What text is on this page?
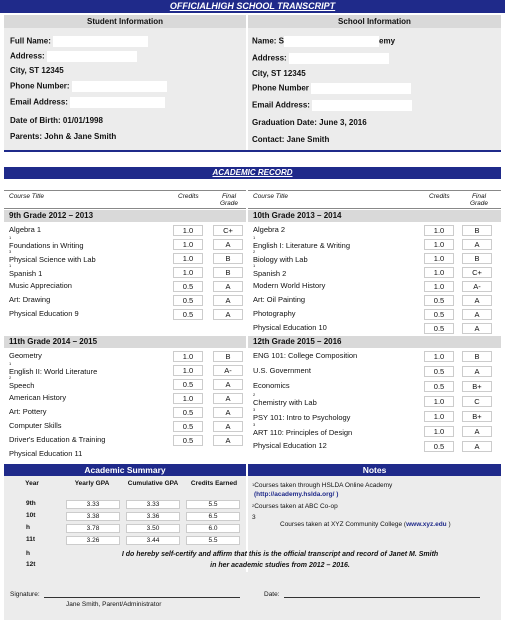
OFFICIALHIGH SCHOOL TRANSCRIPT
Student Information
Full Name:
Address:
City, ST 12345
Phone Number:
Email Address:
Date of Birth: 01/01/1998
Parents: John & Jane Smith
School Information
Name: S	emy
Address:
City, ST 12345
Phone Number
Email Address:
Graduation Date: June 3, 2016
Contact: Jane Smith
ACADEMIC RECORD
Course Title	Credits	Final Grade
Course Title	Credits	Final Grade
9th Grade 2012 – 2013
Algebra 1	1.0	C+
1
Foundations in Writing	1.0	A
3
Physical Science with Lab	1.0	B
1
Spanish 1	1.0	B
Music Appreciation	0.5	A
Art: Drawing	0.5	A
Physical Education 9	0.5	A
11th Grade 2014 – 2015
Geometry	1.0	B
1
English II: World Literature	1.0	A-
2
Speech	0.5	A
American History	1.0	A
Art: Pottery	0.5	A
Computer Skills	0.5	A
Driver's Education & Training	0.5	A
Physical Education 11
10th Grade 2013 – 2014
Algebra 2	1.0	B
1
English I: Literature & Writing	1.0	A
2
Biology with Lab	1.0	B
1
Spanish 2	1.0	C+
Modern World History	1.0	A-
Art: Oil Painting	0.5	A
Photography	0.5	A
Physical Education 10	0.5	A
12th Grade 2015 – 2016
ENG 101: College Composition	1.0	B
U.S. Government	0.5	A
Economics	0.5	B+
2
Chemistry with Lab	1.0	C
3
PSY 101: Intro to Psychology	1.0	B+
3
ART 110: Principles of Design	1.0	A
Physical Education 12	0.5	A
Academic Summary
Year	Yearly GPA	Cumulative GPA	Credits Earned
9th	3.33	3.33	5.5
10t	3.38	3.36	6.5
h	3.78	3.50	6.0
11t	3.26	3.44	5.5
h
12t
Notes
$^1$Courses taken through HSLDA Online Academy
(http://academy.hslda.org/ )
$^2$Courses taken at ABC Co-op
3
Courses taken at XYZ Community College (www.xyz.edu )
I do hereby self-certify and affirm that this is the official transcript and record of Janet M. Smith
in her academic studies from 2012 – 2016.
Signature:
Jane Smith, Parent/Administrator
Date:
